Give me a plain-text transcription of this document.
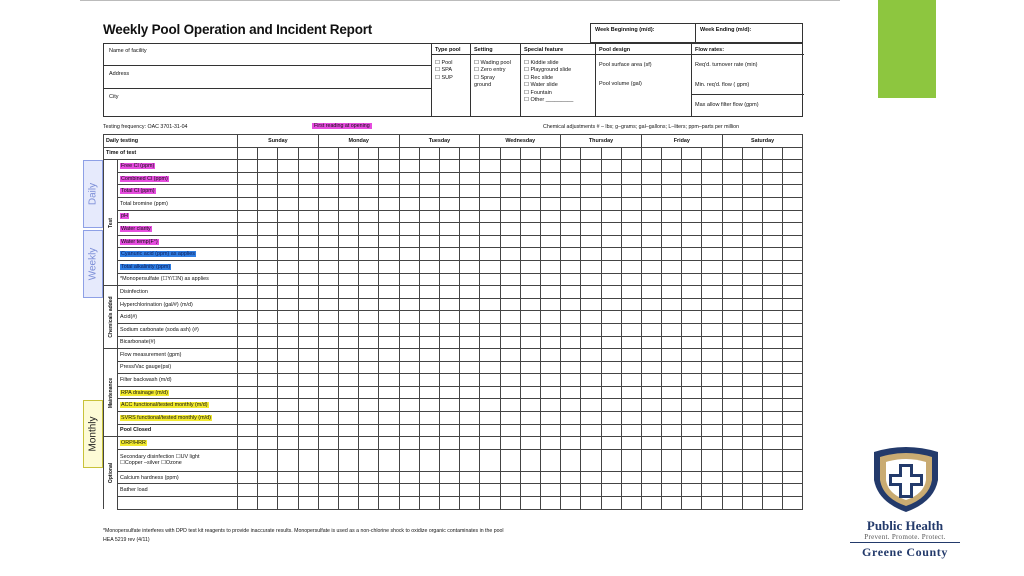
Daily
Weekly
Monthly
Weekly Pool Operation and Incident Report	Week Beginning (m/d):	Week Ending (m/d):
Name of facility
Address
City
Type pool
☐ Pool
☐ SPA
☐ SUP
Setting
☐ Wading pool
☐ Zero entry
☐ Spray
ground
Special feature
☐ Kiddie slide
☐ Playground slide
☐ Rec slide
☐ Water slide
☐ Fountain
☐ Other _________
Pool design
Pool surface area (sf)
Pool volume (gal)
Flow rates:
Req'd. turnover rate (min)
Min. req'd. flow ( gpm)
Max allow filter flow (gpm)
Testing frequency: OAC 3701-31-04	First reading at opening	Chemical adjustments # – lbs; g–grams; gal–gallons; L–liters; ppm–parts per million
Daily testing		Sunday				Monday				Tuesday				Wednesday				Thursday				Friday				Saturday			
Time of test																													

Test	Free Cl (ppm)																												
	Combined Cl (ppm)																												
	Total Cl (ppm)																												
	Total bromine (ppm)																												
	pH																												
	Water clarity																												
	Water temp(F°)																												
	Cyanuric acid (ppm) as applies																												
	Total alkalinity (ppm)																												
	*Monopersulfate (☐Y/☐N) as applies																												

Chemicals added	Disinfection																												
	Hyperchlorination (gal/#) (m/d)																												
	Acid(#)																												
	Sodium carbonate (soda ash) (#)																												
	Bicarbonate(#)																												

Maintenance	Flow measurement (gpm)																												
	Press/Vac gauge(psi)																												
	Filter backwash (m/d)																												
	RPA drainage (m/d)																												
	ACC functional/tested monthly (m/d)																												
	SVRS functional/tested monthly (m/d)																												
	Pool Closed																												

Optional	ORP/HRR																												
	Secondary disinfection ☐UV light
☐Copper –silver ☐Ozone																												
	Calcium hardness (ppm)																												
	Bather load																												

*Monopersulfate interferes with DPD test kit reagents to provide inaccurate results. Monopersulfate is used as a non-chlorine shock to oxidize organic contaminates in the pool
HEA 5219 rev (4/11)
Public Health
Prevent. Promote. Protect.
Greene County
